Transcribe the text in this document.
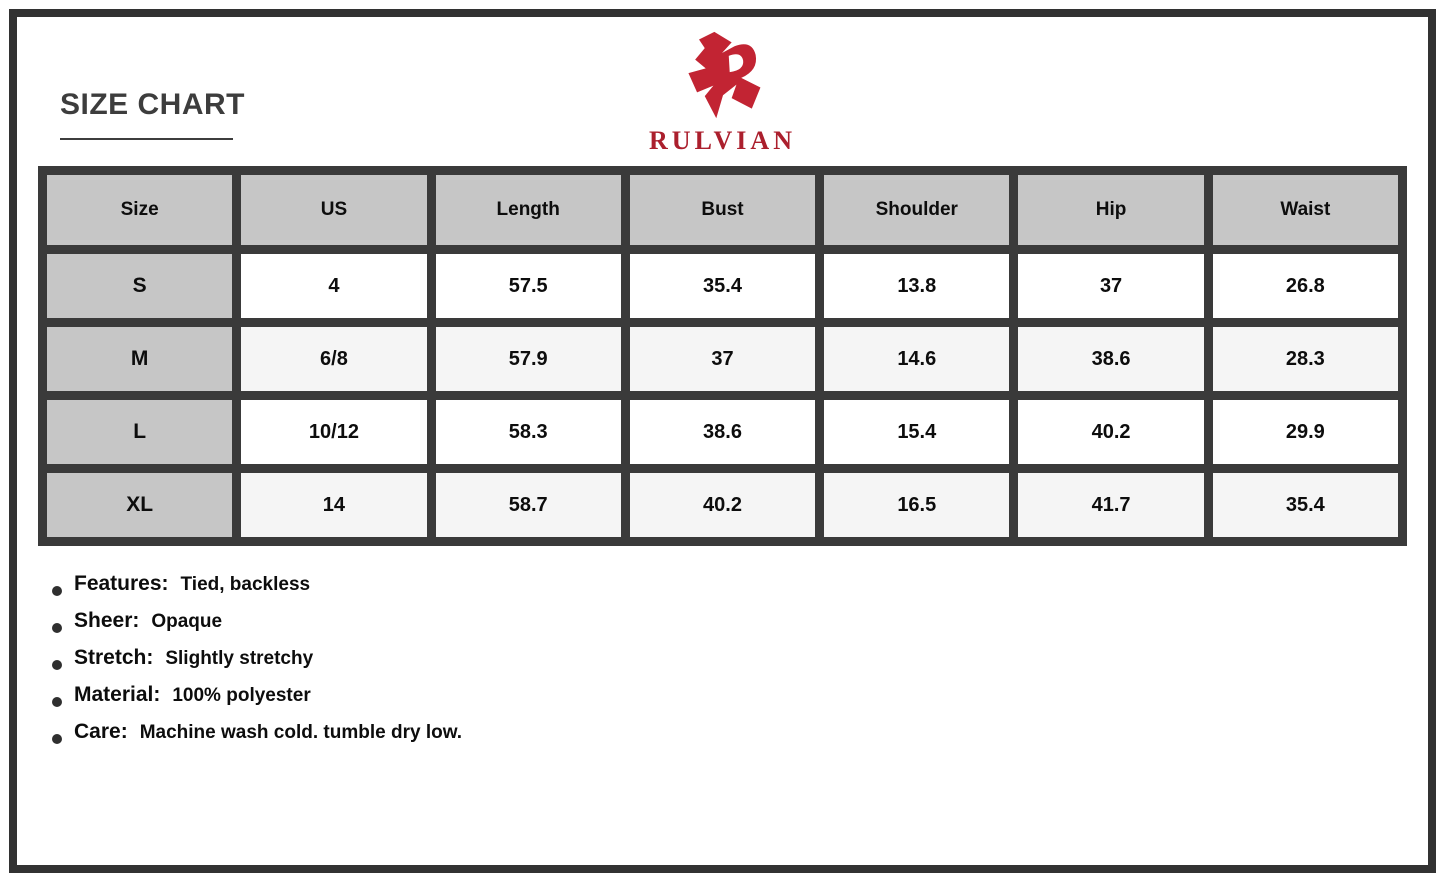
SIZE CHART
RULVIAN
Size	US	Length	Bust	Shoulder	Hip	Waist
S	4	57.5	35.4	13.8	37	26.8
M	6/8	57.9	37	14.6	38.6	28.3
L	10/12	58.3	38.6	15.4	40.2	29.9
XL	14	58.7	40.2	16.5	41.7	35.4
Features: Tied, backless
Sheer: Opaque
Stretch: Slightly stretchy
Material: 100% polyester
Care: Machine wash cold. tumble dry low.
